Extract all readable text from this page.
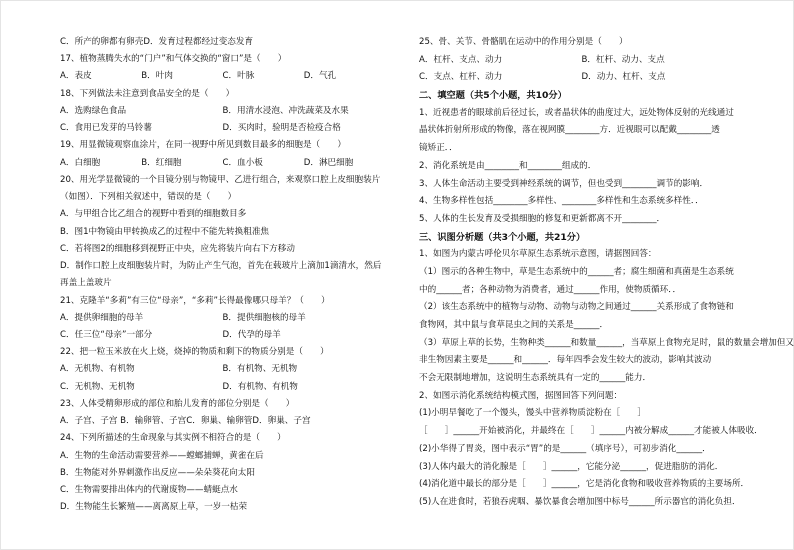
C．所产的卵都有卵壳D．发育过程都经过变态发育
17、植物蒸腾失水的“门户”和气体交换的“窗口”是（　　）
A．表皮	B．叶肉	C．叶脉	D．气孔
18、下列做法未注意到食品安全的是（　　）
A．选购绿色食品	B．用清水浸泡、冲洗蔬菜及水果
C．食用已发芽的马铃薯	D．买肉时，验明是否检疫合格
19、用显微镜观察血涂片，在同一视野中所见到数目最多的细胞是（　　）
A．白细胞	B．红细胞	C．血小板	D．淋巴细胞
20、用光学显微镜的一个目镜分别与物镜甲、乙进行组合，来观察口腔上皮细胞装片
（如图）．下列相关叙述中，错误的是（　　）
A．与甲组合比乙组合的视野中看到的细胞数目多
B．图1中物镜由甲转换成乙的过程中不能先转换粗准焦
C．若将图2的细胞移到视野正中央，应先将装片向右下方移动
D．制作口腔上皮细胞装片时，为防止产生气泡，首先在载玻片上滴加1滴清水，然后
再盖上盖玻片
21、克隆羊“多莉”有三位“母亲”，“多莉”长得最像哪只母羊？（　　）
A．提供卵细胞的母羊	B．提供细胞核的母羊
C．任三位“母亲”一部分	D．代孕的母羊
22、把一粒玉米放在火上烧，烧掉的物质和剩下的物质分别是（　　）
A．无机物、有机物	B．有机物、无机物
C．无机物、无机物	D．有机物、有机物
23、人体受精卵形成的部位和胎儿发育的部位分别是（　　）
A．子宫、子宫 B．输卵管、子宫C．卵巢、输卵管D．卵巢、子宫
24、下列所描述的生命现象与其实例不相符合的是（　　）
A．生物的生命活动需要营养——螳螂捕蝉，黄雀在后
B．生物能对外界刺激作出反应——朵朵葵花向太阳
C．生物需要排出体内的代谢废物——蜻蜓点水
D．生物能生长繁殖——离离原上草，一岁一枯荣
25、骨、关节、骨骼肌在运动中的作用分别是（　　）
A．杠杆、支点、动力	B．杠杆、动力、支点
C．支点、杠杆、动力	D．动力、杠杆、支点
二、填空题（共5个小题，共10分）
1、近视患者的眼球前后径过长，或者晶状体的曲度过大，远处物体反射的光线通过
晶状体折射所形成的物像，落在视网膜________方．近视眼可以配戴________透
镜矫正．．
2、消化系统是由________和________组成的．
3、人体生命活动主要受到神经系统的调节，但也受到________调节的影响．
4、生物多样性包括________多样性、________多样性和生态系统多样性．．
5、人体的生长发育及受损细胞的修复和更新都离不开________．
三、识图分析题（共3个小题，共21分）
1、如图为内蒙古呼伦贝尔草原生态系统示意图，请据图回答：
（1）图示的各种生物中，草是生态系统中的______者；腐生细菌和真菌是生态系统
中的______者；各种动物为消费者，通过______作用，使物质循环．．
（2）该生态系统中的植物与动物、动物与动物之间通过______关系形成了食物链和
食物网，其中鼠与食草昆虫之间的关系是______．
（3）草原上草的长势，生物种类______和数量______，当草原上食物充足时，鼠的数量会增加但又
非生物因素主要是______和______．每年四季会发生较大的波动，影响其波动
不会无限制地增加，这说明生态系统具有一定的______能力．
2、如图示消化系统结构模式图，据图回答下列问题：
(1)小明早餐吃了一个馒头，馒头中营养物质淀粉在［　　］
［　　］______开始被消化，并最终在［　　］______内被分解成______才能被人体吸收．
(2)小华得了胃炎，图中表示“胃”的是______（填序号），可初步消化______．
(3)人体内最大的消化腺是［　　］______，它能分泌______，促进脂肪的消化．
(4)消化道中最长的部分是［　　］______，它是消化食物和吸收营养物质的主要场所．
(5)人在进食时，若狼吞虎咽、暴饮暴食会增加图中标号______所示器官的消化负担．
